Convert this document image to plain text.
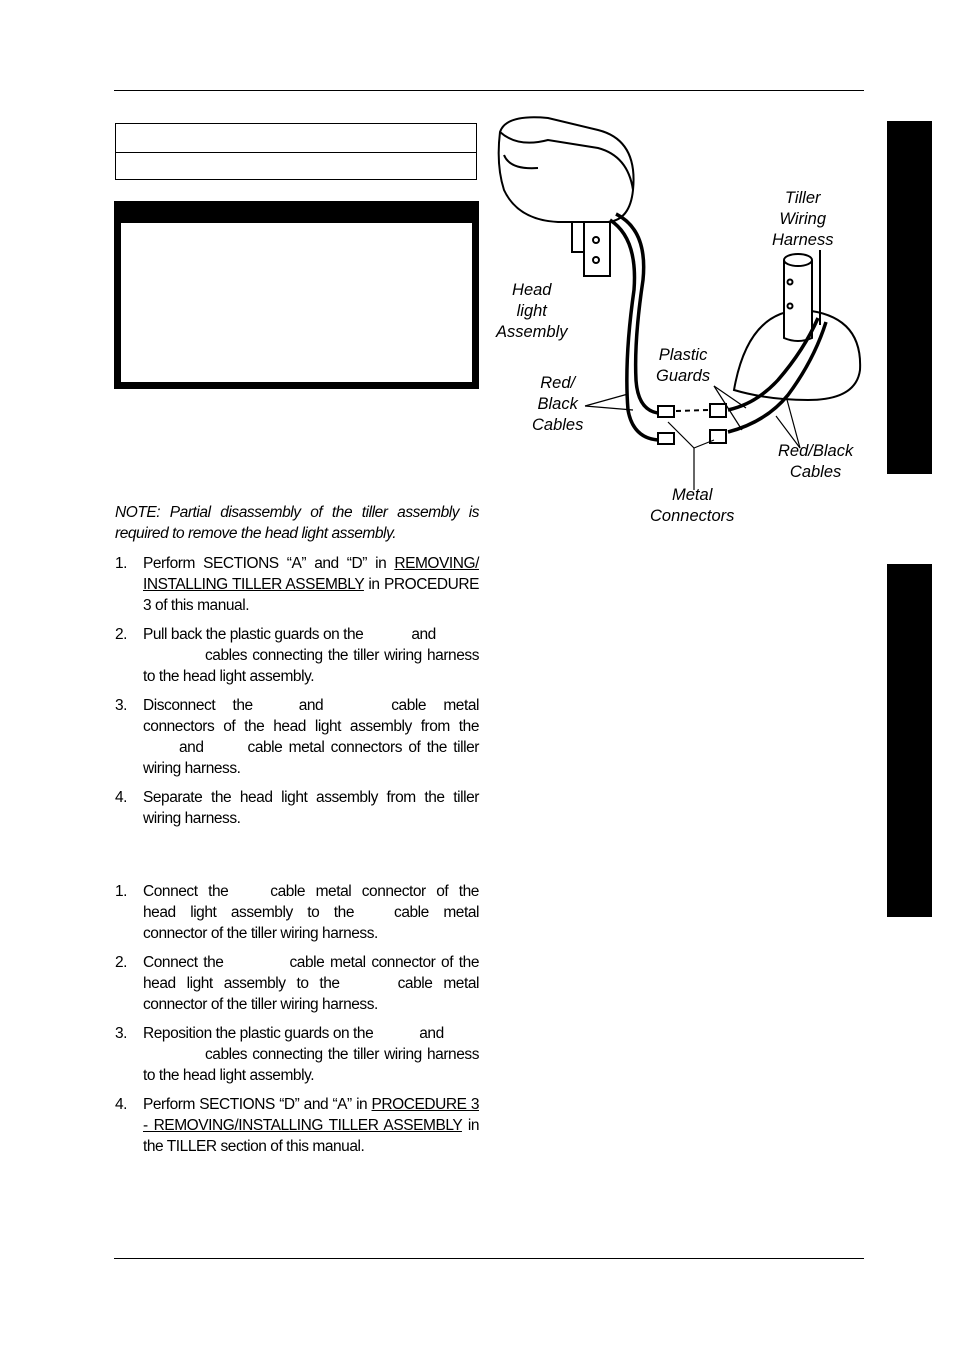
NOTE: Partial disassembly of the tiller assembly is required to remove the head light assembly.
1.	Perform SECTIONS “A” and “D” in REMOVING/ INSTALLING TILLER ASSEMBLY in PROCEDURE 3 of this manual.
2.	Pull back the plastic guards on the	and
cables connecting the tiller wiring harness to the head light assembly.
3.	Disconnect the	and	cable metal connectors of the head light assembly from theand	cable metal connectors of the tiller wiring harness.
4.	Separate the head light assembly from the tiller wiring harness.
1.	Connect the	cable metal connector of the head light assembly to the	cable metal connector of the tiller wiring harness.
2.	Connect the	cable metal connector of the head light assembly to the	cable metal connector of the tiller wiring harness.
3.	Reposition the plastic guards on the	and
cables connecting the tiller wiring harness to the head light assembly.
4.	Perform SECTIONS “D” and “A” in PROCEDURE 3 - REMOVING/INSTALLING TILLER ASSEMBLY in the TILLER section of this manual.
Tiller
Wiring
Harness
Head
light
Assembly
Plastic
Guards
Red/
Black
Cables
Red/Black
Cables
Metal
Connectors
